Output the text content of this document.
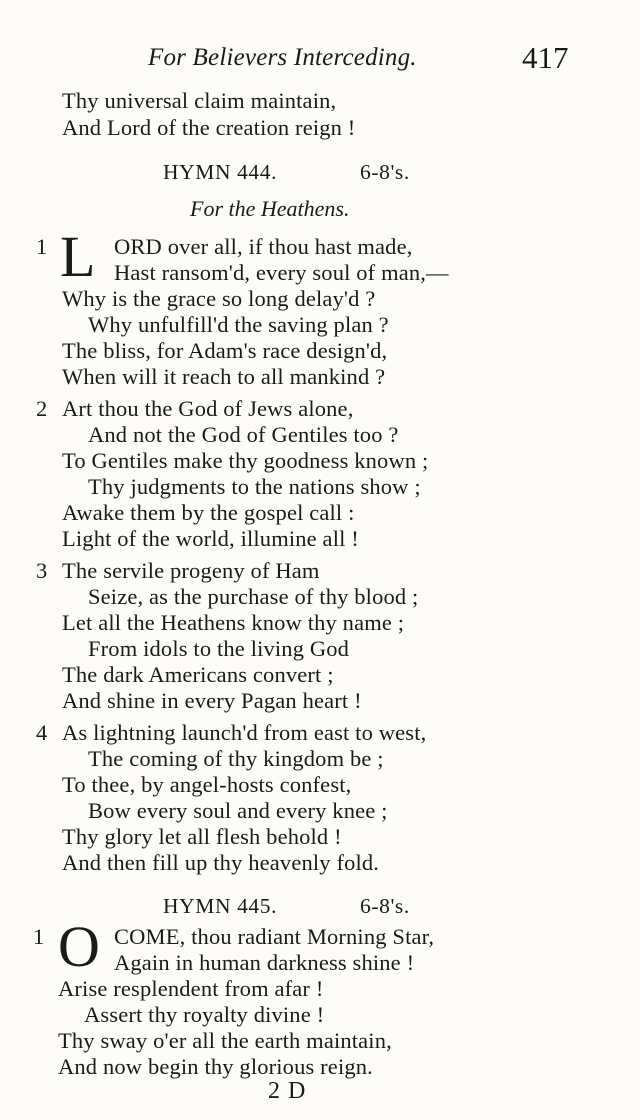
For Believers Interceding.	417
Thy universal claim maintain,
And Lord of the creation reign !
HYMN 444.	6-8's.
For the Heathens.
1 L ORD over all, if thou hast made,
Hast ransom'd, every soul of man,—
Why is the grace so long delay'd ?
Why unfulfill'd the saving plan ?
The bliss, for Adam's race design'd,
When will it reach to all mankind ?
2 Art thou the God of Jews alone,
And not the God of Gentiles too ?
To Gentiles make thy goodness known ;
Thy judgments to the nations show ;
Awake them by the gospel call :
Light of the world, illumine all !
3 The servile progeny of Ham
Seize, as the purchase of thy blood ;
Let all the Heathens know thy name ;
From idols to the living God
The dark Americans convert ;
And shine in every Pagan heart !
4 As lightning launch'd from east to west,
The coming of thy kingdom be ;
To thee, by angel-hosts confest,
Bow every soul and every knee ;
Thy glory let all flesh behold !
And then fill up thy heavenly fold.
HYMN 445.	6-8's.
1 O COME, thou radiant Morning Star,
Again in human darkness shine !
Arise resplendent from afar !
Assert thy royalty divine !
Thy sway o'er all the earth maintain,
And now begin thy glorious reign.
2 D
